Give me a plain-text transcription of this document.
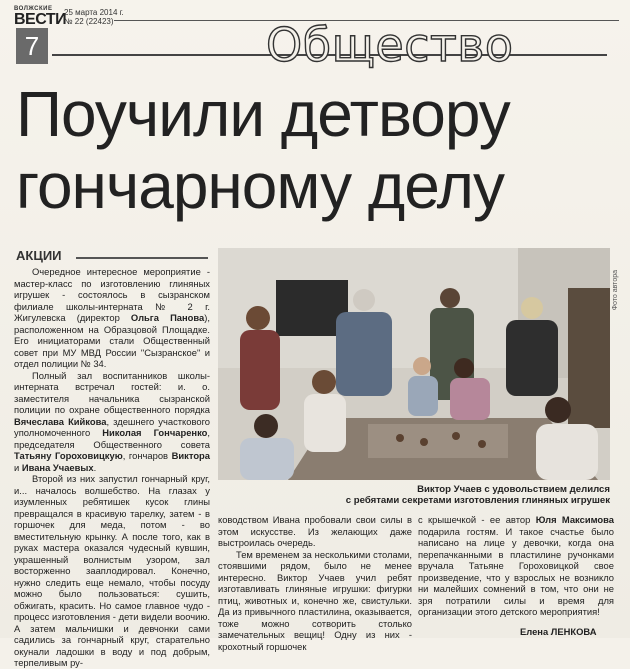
ВОЛЖСКИЕ
ВЕСТИ
25 марта 2014 г.
№ 22 (22423)
7	Общество
Поучили детвору
гончарному делу
АКЦИИ

Очередное интересное мероприятие - мастер-класс по изготовлению глиняных игрушек - состоялось в сызранском филиале школы-интерната № 2 г. Жигулевска (директор Ольга Панова), расположенном на Образцовой Площадке. Его инициаторами стали Общественный совет при МУ МВД России "Сызранское" и отдел полиции № 34.

Полный зал воспитанников школы-интерната встречал гостей: и. о. заместителя начальника сызранской полиции по охране общественного порядка Вячеслава Кийкова, здешнего участкового уполномоченного Николая Гончаренко, председателя Общественного совета Татьяну Гороховицкую, гончаров Виктора и Ивана Учаевых.

Второй из них запустил гончарный круг, и... началось волшебство. На глазах у изумленных ребятишек кусок глины превращался в красивую тарелку, затем - в горшочек для меда, потом - во вместительную крынку. А после того, как в руках мастера оказался чудесный кувшин, украшенный волнистым узором, зал восторженно зааплодировал. Конечно, нужно следить еще немало, чтобы посуду можно было пользоваться: сушить, обжигать, красить. Но самое главное чудо - процесс изготовления - дети видели воочию. А затем мальчишки и девчонки сами садились за гончарный круг, старательно окунали ладошки в воду и под добрым, терпеливым ру-

Фото автора
Виктор Учаев с удовольствием делился
с ребятами секретами изготовления глиняных игрушек

ководством Ивана пробовали свои силы в этом искусстве. Из желающих даже выстроилась очередь.

Тем временем за несколькими столами, стоявшими рядом, было не менее интересно. Виктор Учаев учил ребят изготавливать глиняные игрушки: фигурки птиц, животных и, конечно же, свистульки. Да из привычного пластилина, оказывается, тоже можно сотворить столько замечательных вещиц! Одну из них - крохотный горшочек

с крышечкой - ее автор Юля Максимова подарила гостям. И такое счастье было написано на лице у девочки, когда она перепачканными в пластилине ручонками вручала Татьяне Гороховицкой свое произведение, что у взрослых не возникло ни малейших сомнений в том, что они не зря потратили силы и время для организации этого детского мероприятия!

Елена ЛЕНКОВА
